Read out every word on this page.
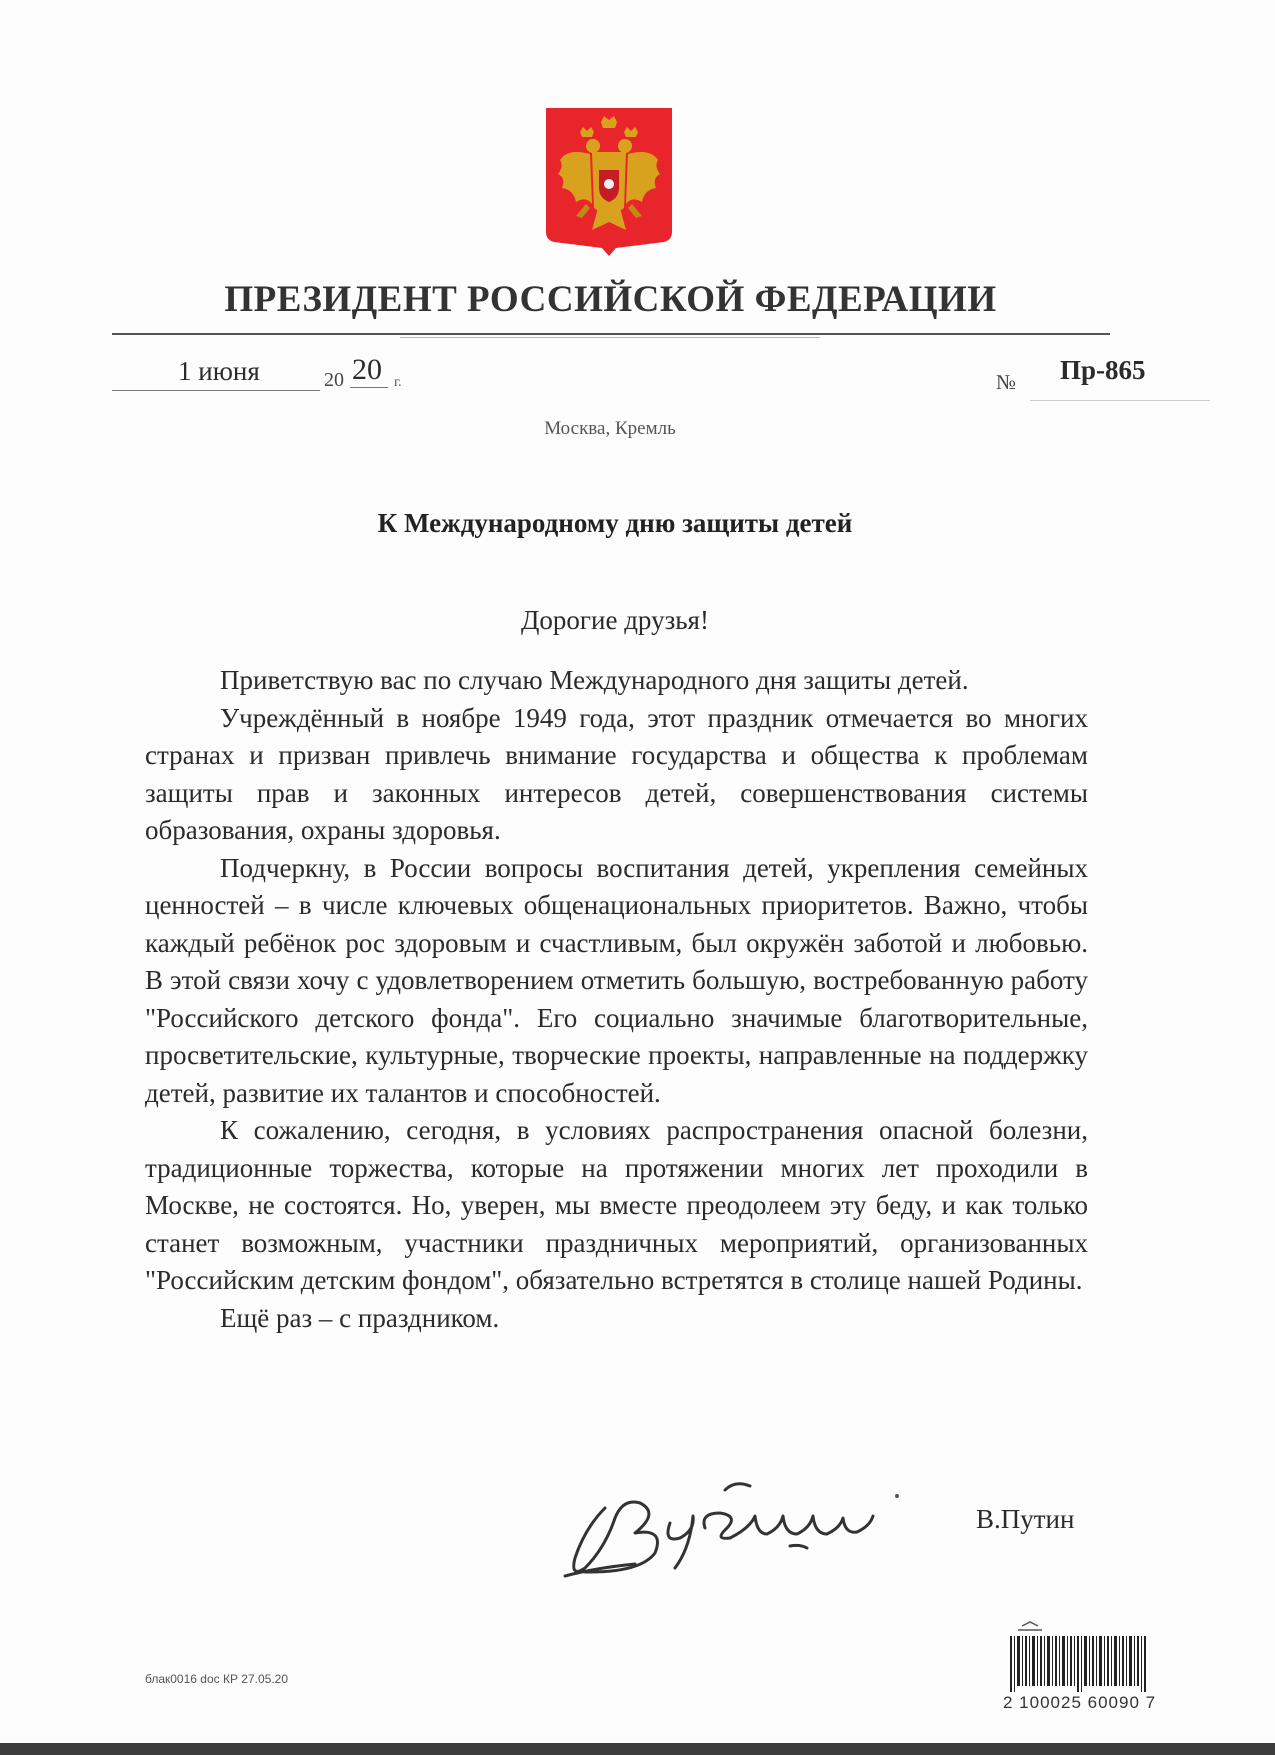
ПРЕЗИДЕНТ РОССИЙСКОЙ ФЕДЕРАЦИИ
1 июня	20 20 г.	№ Пр-865
Москва, Кремль
К Международному дню защиты детей
Дорогие друзья!

Приветствую вас по случаю Международного дня защиты детей.

Учреждённый в ноябре 1949 года, этот праздник отмечается во многих странах и призван привлечь внимание государства и общества к проблемам защиты прав и законных интересов детей, совершенствования системы образования, охраны здоровья.

Подчеркну, в России вопросы воспитания детей, укрепления семейных ценностей – в числе ключевых общенациональных приоритетов. Важно, чтобы каждый ребёнок рос здоровым и счастливым, был окружён заботой и любовью. В этой связи хочу с удовлетворением отметить большую, востребованную работу "Российского детского фонда". Его социально значимые благотворительные, просветительские, культурные, творческие проекты, направленные на поддержку детей, развитие их талантов и способностей.

К сожалению, сегодня, в условиях распространения опасной болезни, традиционные торжества, которые на протяжении многих лет проходили в Москве, не состоятся. Но, уверен, мы вместе преодолеем эту беду, и как только станет возможным, участники праздничных мероприятий, организованных "Российским детским фондом", обязательно встретятся в столице нашей Родины.

Ещё раз – с праздником.

В.Путин
блак0016 doc КР 27.05.20
2 100025 60090 7
